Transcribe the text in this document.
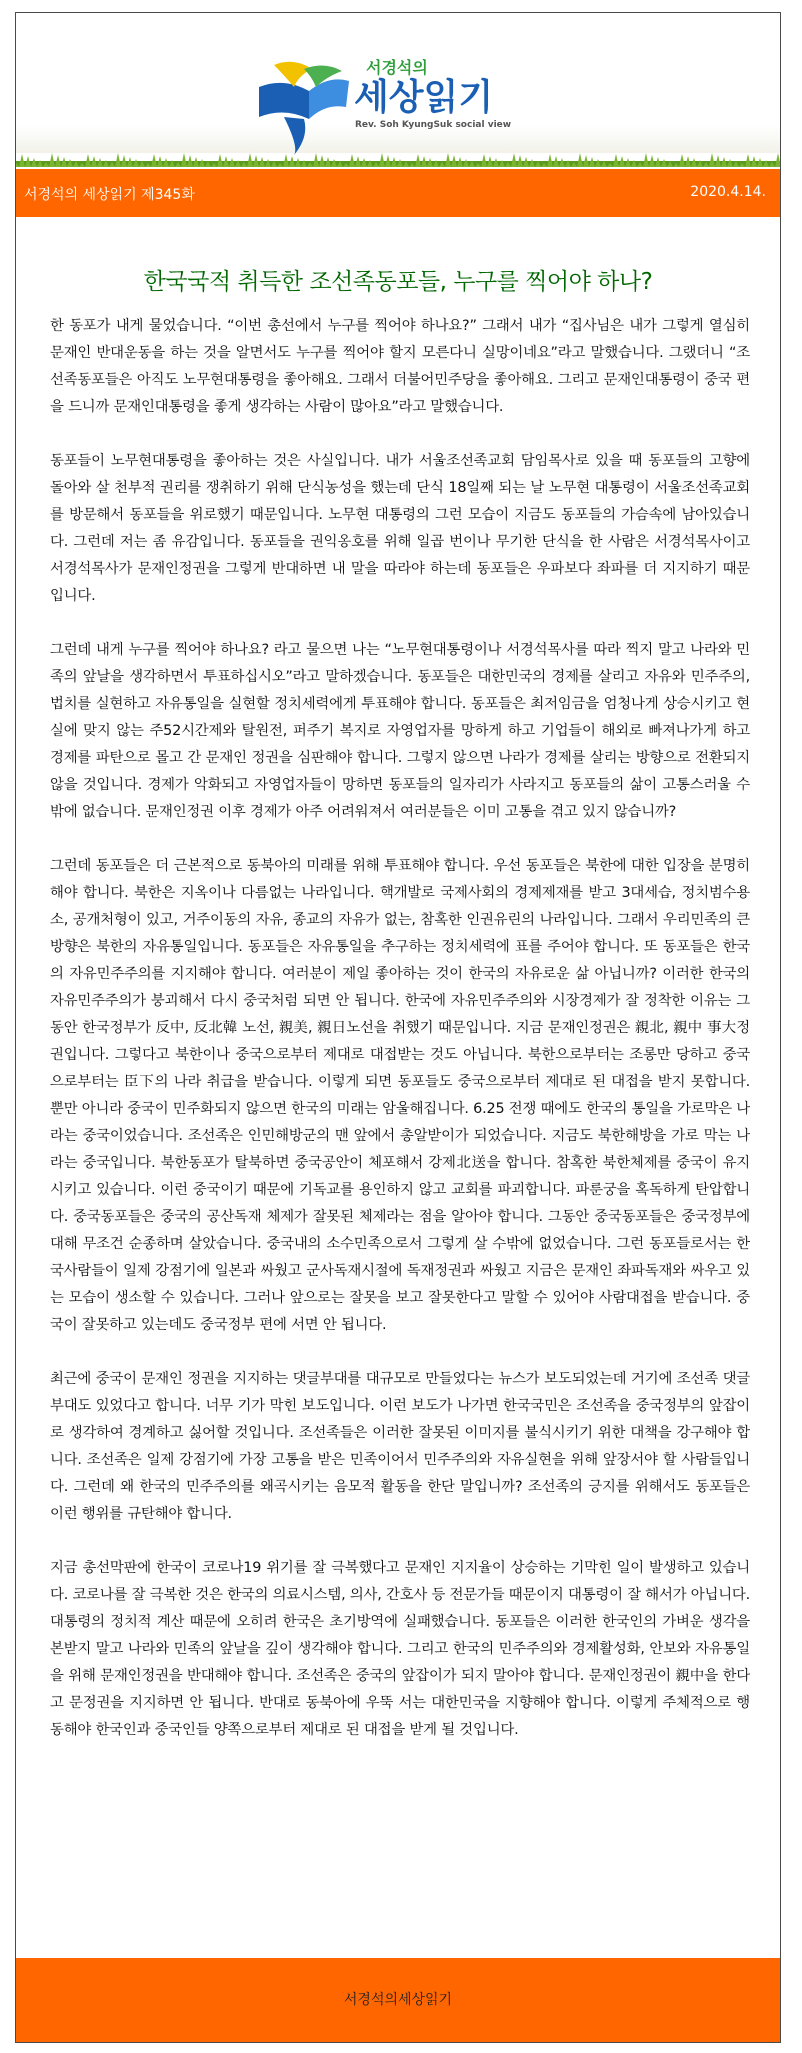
서경석의
세상읽기
Rev. Soh KyungSuk social view
서경석의 세상읽기 제345화	2020.4.14.
한국국적 취득한 조선족동포들, 누구를 찍어야 하나?

한 동포가 내게 물었습니다. “이번 총선에서 누구를 찍어야 하나요?” 그래서 내가 “집사님은 내가 그렇게 열심히 문재인 반대운동을 하는 것을 알면서도 누구를 찍어야 할지 모른다니 실망이네요”라고 말했습니다. 그랬더니 “조선족동포들은 아직도 노무현대통령을 좋아해요. 그래서 더불어민주당을 좋아해요. 그리고 문재인대통령이 중국 편을 드니까 문재인대통령을 좋게 생각하는 사람이 많아요”라고 말했습니다.

동포들이 노무현대통령을 좋아하는 것은 사실입니다. 내가 서울조선족교회 담임목사로 있을 때 동포들의 고향에 돌아와 살 천부적 권리를 쟁취하기 위해 단식농성을 했는데 단식 18일째 되는 날 노무현 대통령이 서울조선족교회를 방문해서 동포들을 위로했기 때문입니다. 노무현 대통령의 그런 모습이 지금도 동포들의 가슴속에 남아있습니다. 그런데 저는 좀 유감입니다. 동포들을 권익옹호를 위해 일곱 번이나 무기한 단식을 한 사람은 서경석목사이고 서경석목사가 문재인정권을 그렇게 반대하면 내 말을 따라야 하는데 동포들은 우파보다 좌파를 더 지지하기 때문입니다.

그런데 내게 누구를 찍어야 하나요? 라고 물으면 나는 “노무현대통령이나 서경석목사를 따라 찍지 말고 나라와 민족의 앞날을 생각하면서 투표하십시오”라고 말하겠습니다. 동포들은 대한민국의 경제를 살리고 자유와 민주주의, 법치를 실현하고 자유통일을 실현할 정치세력에게 투표해야 합니다. 동포들은 최저임금을 엄청나게 상승시키고 현실에 맞지 않는 주52시간제와 탈원전, 퍼주기 복지로 자영업자를 망하게 하고 기업들이 해외로 빠져나가게 하고 경제를 파탄으로 몰고 간 문재인 정권을 심판해야 합니다. 그렇지 않으면 나라가 경제를 살리는 방향으로 전환되지 않을 것입니다. 경제가 악화되고 자영업자들이 망하면 동포들의 일자리가 사라지고 동포들의 삶이 고통스러울 수밖에 없습니다. 문재인정권 이후 경제가 아주 어려워져서 여러분들은 이미 고통을 겪고 있지 않습니까?

그런데 동포들은 더 근본적으로 동북아의 미래를 위해 투표해야 합니다. 우선 동포들은 북한에 대한 입장을 분명히 해야 합니다. 북한은 지옥이나 다름없는 나라입니다. 핵개발로 국제사회의 경제제재를 받고 3대세습, 정치범수용소, 공개처형이 있고, 거주이동의 자유, 종교의 자유가 없는, 참혹한 인권유린의 나라입니다. 그래서 우리민족의 큰 방향은 북한의 자유통일입니다. 동포들은 자유통일을 추구하는 정치세력에 표를 주어야 합니다. 또 동포들은 한국의 자유민주주의를 지지해야 합니다. 여러분이 제일 좋아하는 것이 한국의 자유로운 삶 아닙니까? 이러한 한국의 자유민주주의가 붕괴해서 다시 중국처럼 되면 안 됩니다. 한국에 자유민주주의와 시장경제가 잘 정착한 이유는 그동안 한국정부가 反中, 反北韓 노선, 親美, 親日노선을 취했기 때문입니다. 지금 문재인정권은 親北, 親中 事大정권입니다. 그렇다고 북한이나 중국으로부터 제대로 대접받는 것도 아닙니다. 북한으로부터는 조롱만 당하고 중국으로부터는 臣下의 나라 취급을 받습니다. 이렇게 되면 동포들도 중국으로부터 제대로 된 대접을 받지 못합니다. 뿐만 아니라 중국이 민주화되지 않으면 한국의 미래는 암울해집니다. 6.25 전쟁 때에도 한국의 통일을 가로막은 나라는 중국이었습니다. 조선족은 인민해방군의 맨 앞에서 총알받이가 되었습니다. 지금도 북한해방을 가로 막는 나라는 중국입니다. 북한동포가 탈북하면 중국공안이 체포해서 강제北送을 합니다. 참혹한 북한체제를 중국이 유지시키고 있습니다. 이런 중국이기 때문에 기독교를 용인하지 않고 교회를 파괴합니다. 파룬궁을 혹독하게 탄압합니다. 중국동포들은 중국의 공산독재 체제가 잘못된 체제라는 점을 알아야 합니다. 그동안 중국동포들은 중국정부에 대해 무조건 순종하며 살았습니다. 중국내의 소수민족으로서 그렇게 살 수밖에 없었습니다. 그런 동포들로서는 한국사람들이 일제 강점기에 일본과 싸웠고 군사독재시절에 독재정권과 싸웠고 지금은 문재인 좌파독재와 싸우고 있는 모습이 생소할 수 있습니다. 그러나 앞으로는 잘못을 보고 잘못한다고 말할 수 있어야 사람대접을 받습니다. 중국이 잘못하고 있는데도 중국정부 편에 서면 안 됩니다.

최근에 중국이 문재인 정권을 지지하는 댓글부대를 대규모로 만들었다는 뉴스가 보도되었는데 거기에 조선족 댓글부대도 있었다고 합니다. 너무 기가 막힌 보도입니다. 이런 보도가 나가면 한국국민은 조선족을 중국정부의 앞잡이로 생각하여 경계하고 싫어할 것입니다. 조선족들은 이러한 잘못된 이미지를 불식시키기 위한 대책을 강구해야 합니다. 조선족은 일제 강점기에 가장 고통을 받은 민족이어서 민주주의와 자유실현을 위해 앞장서야 할 사람들입니다. 그런데 왜 한국의 민주주의를 왜곡시키는 음모적 활동을 한단 말입니까? 조선족의 긍지를 위해서도 동포들은 이런 행위를 규탄해야 합니다.

지금 총선막판에 한국이 코로나19 위기를 잘 극복했다고 문재인 지지율이 상승하는 기막힌 일이 발생하고 있습니다. 코로나를 잘 극복한 것은 한국의 의료시스템, 의사, 간호사 등 전문가들 때문이지 대통령이 잘 해서가 아닙니다. 대통령의 정치적 계산 때문에 오히려 한국은 초기방역에 실패했습니다. 동포들은 이러한 한국인의 가벼운 생각을 본받지 말고 나라와 민족의 앞날을 깊이 생각해야 합니다. 그리고 한국의 민주주의와 경제활성화, 안보와 자유통일을 위해 문재인정권을 반대해야 합니다. 조선족은 중국의 앞잡이가 되지 말아야 합니다. 문재인정권이 親中을 한다고 문정권을 지지하면 안 됩니다. 반대로 동북아에 우뚝 서는 대한민국을 지향해야 합니다. 이렇게 주체적으로 행동해야 한국인과 중국인들 양쪽으로부터 제대로 된 대접을 받게 될 것입니다.

서경석의세상읽기
